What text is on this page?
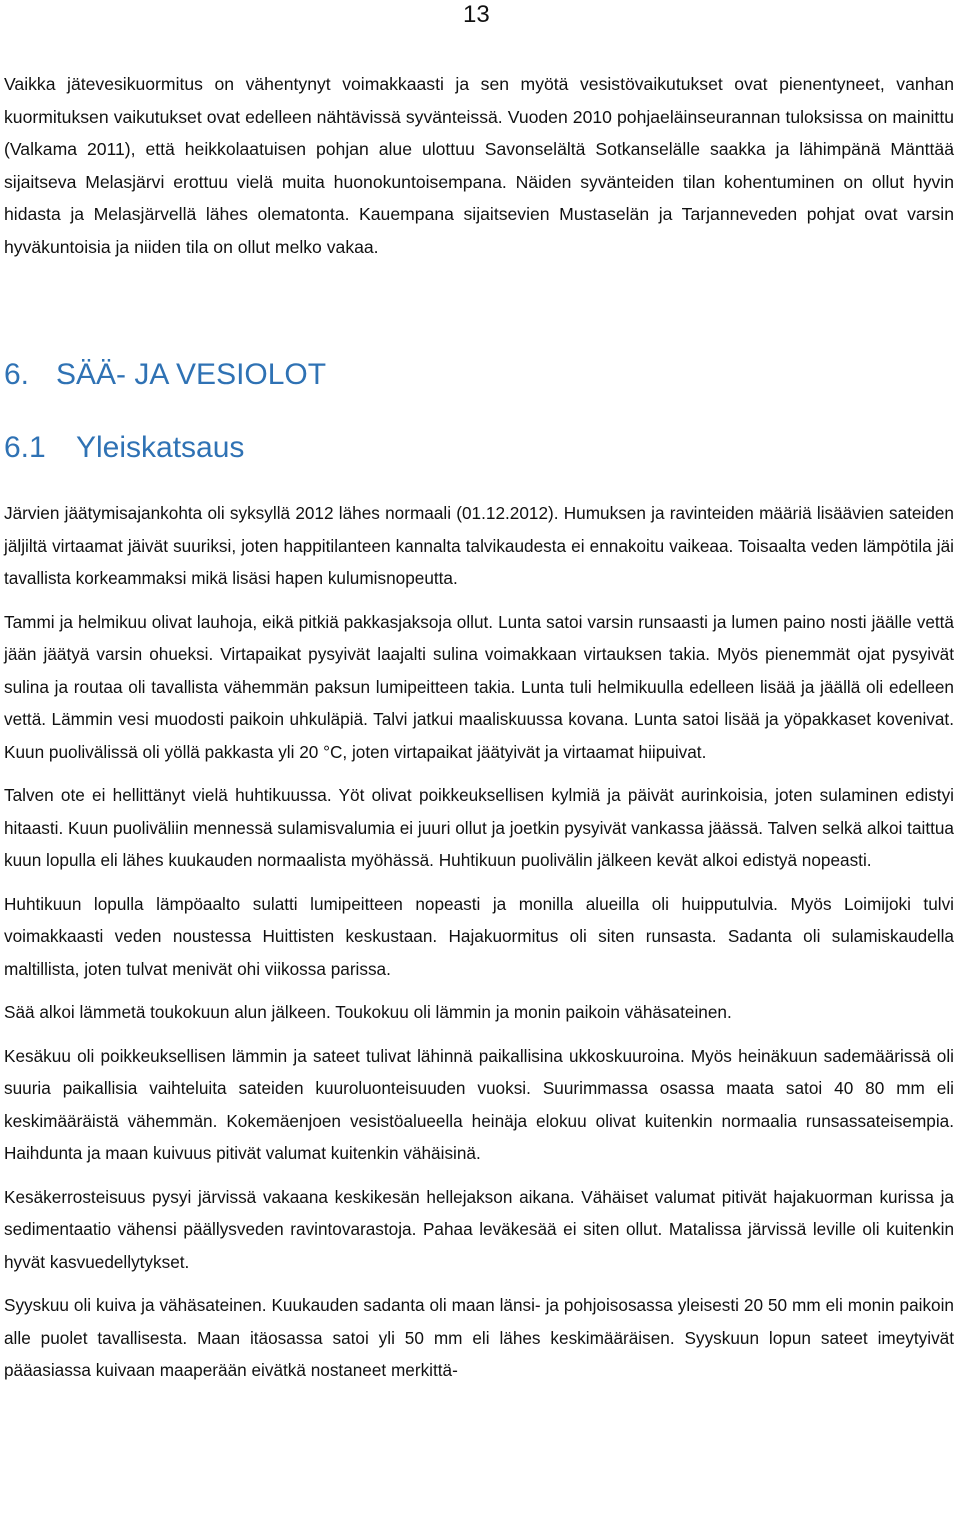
13

Vaikka jätevesikuormitus on vähentynyt voimakkaasti ja sen myötä vesistövaikutukset ovat pienentyneet, vanhan kuormituksen vaikutukset ovat edelleen nähtävissä syvänteissä. Vuoden 2010 pohjaeläinseurannan tuloksissa on mainittu (Valkama 2011), että heikkolaatuisen pohjan alue ulottuu Savonselältä Sotkanselälle saakka ja lähimpänä Mänttää sijaitseva Melasjärvi erottuu vielä muita huonokuntoisempana. Näiden syvänteiden tilan kohentuminen on ollut hyvin hidasta ja Melasjärvellä lähes olematonta. Kauempana sijaitsevien Mustaselän ja Tarjanneveden pohjat ovat varsin hyväkuntoisia ja niiden tila on ollut melko vakaa.

6. SÄÄ- JA VESIOLOT
6.1 Yleiskatsaus

Järvien jäätymisajankohta oli syksyllä 2012 lähes normaali (01.12.2012). Humuksen ja ravinteiden määriä lisäävien sateiden jäljiltä virtaamat jäivät suuriksi, joten happitilanteen kannalta talvikaudesta ei ennakoitu vaikeaa. Toisaalta veden lämpötila jäi tavallista korkeammaksi mikä lisäsi hapen kulumisnopeutta.

Tammi ja helmikuu olivat lauhoja, eikä pitkiä pakkasjaksoja ollut. Lunta satoi varsin runsaasti ja lumen paino nosti jäälle vettä jään jäätyä varsin ohueksi. Virtapaikat pysyivät laajalti sulina voimakkaan virtauksen takia. Myös pienemmät ojat pysyivät sulina ja routaa oli tavallista vähemmän paksun lumipeitteen takia. Lunta tuli helmikuulla edelleen lisää ja jäällä oli edelleen vettä. Lämmin vesi muodosti paikoin uhkuläpiä. Talvi jatkui maaliskuussa kovana. Lunta satoi lisää ja yöpakkaset kovenivat. Kuun puolivälissä oli yöllä pakkasta yli 20 °C, joten virtapaikat jäätyivät ja virtaamat hiipuivat.

Talven ote ei hellittänyt vielä huhtikuussa. Yöt olivat poikkeuksellisen kylmiä ja päivät aurinkoisia, joten sulaminen edistyi hitaasti. Kuun puoliväliin mennessä sulamisvalumia ei juuri ollut ja joetkin pysyivät vankassa jäässä. Talven selkä alkoi taittua kuun lopulla eli lähes kuukauden normaalista myöhässä. Huhtikuun puolivälin jälkeen kevät alkoi edistyä nopeasti.

Huhtikuun lopulla lämpöaalto sulatti lumipeitteen nopeasti ja monilla alueilla oli huipputulvia. Myös Loimijoki tulvi voimakkaasti veden noustessa Huittisten keskustaan. Hajakuormitus oli siten runsasta. Sadanta oli sulamiskaudella maltillista, joten tulvat menivät ohi viikossa parissa.

Sää alkoi lämmetä toukokuun alun jälkeen. Toukokuu oli lämmin ja monin paikoin vähäsateinen.

Kesäkuu oli poikkeuksellisen lämmin ja sateet tulivat lähinnä paikallisina ukkoskuuroina. Myös heinäkuun sademäärissä oli suuria paikallisia vaihteluita sateiden kuuroluonteisuuden vuoksi. Suurimmassa osassa maata satoi 40 80 mm eli keskimääräistä vähemmän. Kokemäenjoen vesistöalueella heinäja elokuu olivat kuitenkin normaalia runsassateisempia. Haihdunta ja maan kuivuus pitivät valumat kuitenkin vähäisinä.

Kesäkerrosteisuus pysyi järvissä vakaana keskikesän hellejakson aikana. Vähäiset valumat pitivät hajakuorman kurissa ja sedimentaatio vähensi päällysveden ravintovarastoja. Pahaa leväkesää ei siten ollut. Matalissa järvissä leville oli kuitenkin hyvät kasvuedellytykset.

Syyskuu oli kuiva ja vähäsateinen. Kuukauden sadanta oli maan länsi- ja pohjoisosassa yleisesti 20 50 mm eli monin paikoin alle puolet tavallisesta. Maan itäosassa satoi yli 50 mm eli lähes keskimääräisen. Syyskuun lopun sateet imeytyivät pääasiassa kuivaan maaperään eivätkä nostaneet merkittä-
